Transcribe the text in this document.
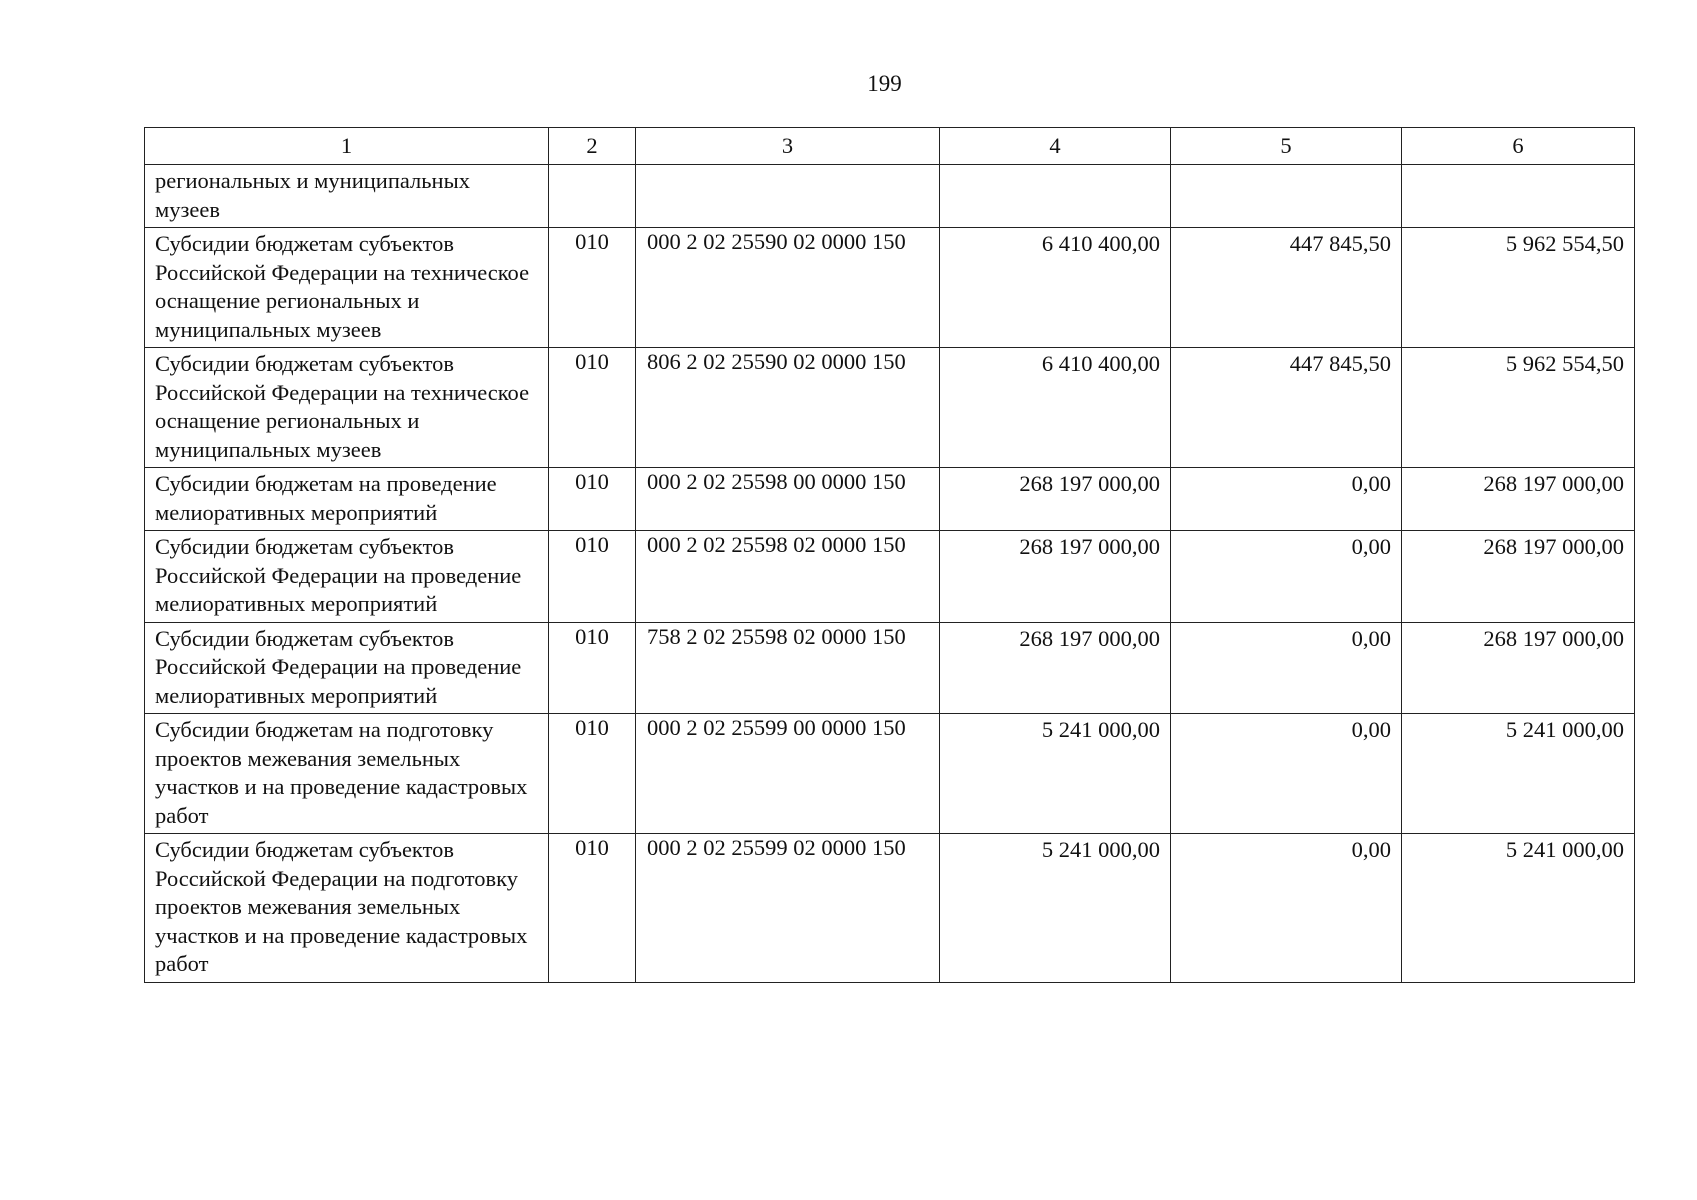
199
1	2	3	4	5	6
региональных и муниципальных музеев					
Субсидии бюджетам субъектов Российской Федерации на техническое оснащение региональных и муниципальных музеев	010	000 2 02 25590 02 0000 150	6 410 400,00	447 845,50	5 962 554,50
Субсидии бюджетам субъектов Российской Федерации на техническое оснащение региональных и муниципальных музеев	010	806 2 02 25590 02 0000 150	6 410 400,00	447 845,50	5 962 554,50
Субсидии бюджетам на проведение мелиоративных мероприятий	010	000 2 02 25598 00 0000 150	268 197 000,00	0,00	268 197 000,00
Субсидии бюджетам субъектов Российской Федерации на проведение мелиоративных мероприятий	010	000 2 02 25598 02 0000 150	268 197 000,00	0,00	268 197 000,00
Субсидии бюджетам субъектов Российской Федерации на проведение мелиоративных мероприятий	010	758 2 02 25598 02 0000 150	268 197 000,00	0,00	268 197 000,00
Субсидии бюджетам на подготовку проектов межевания земельных участков и на проведение кадастровых работ	010	000 2 02 25599 00 0000 150	5 241 000,00	0,00	5 241 000,00
Субсидии бюджетам субъектов Российской Федерации на подготовку проектов межевания земельных участков и на проведение кадастровых работ	010	000 2 02 25599 02 0000 150	5 241 000,00	0,00	5 241 000,00
